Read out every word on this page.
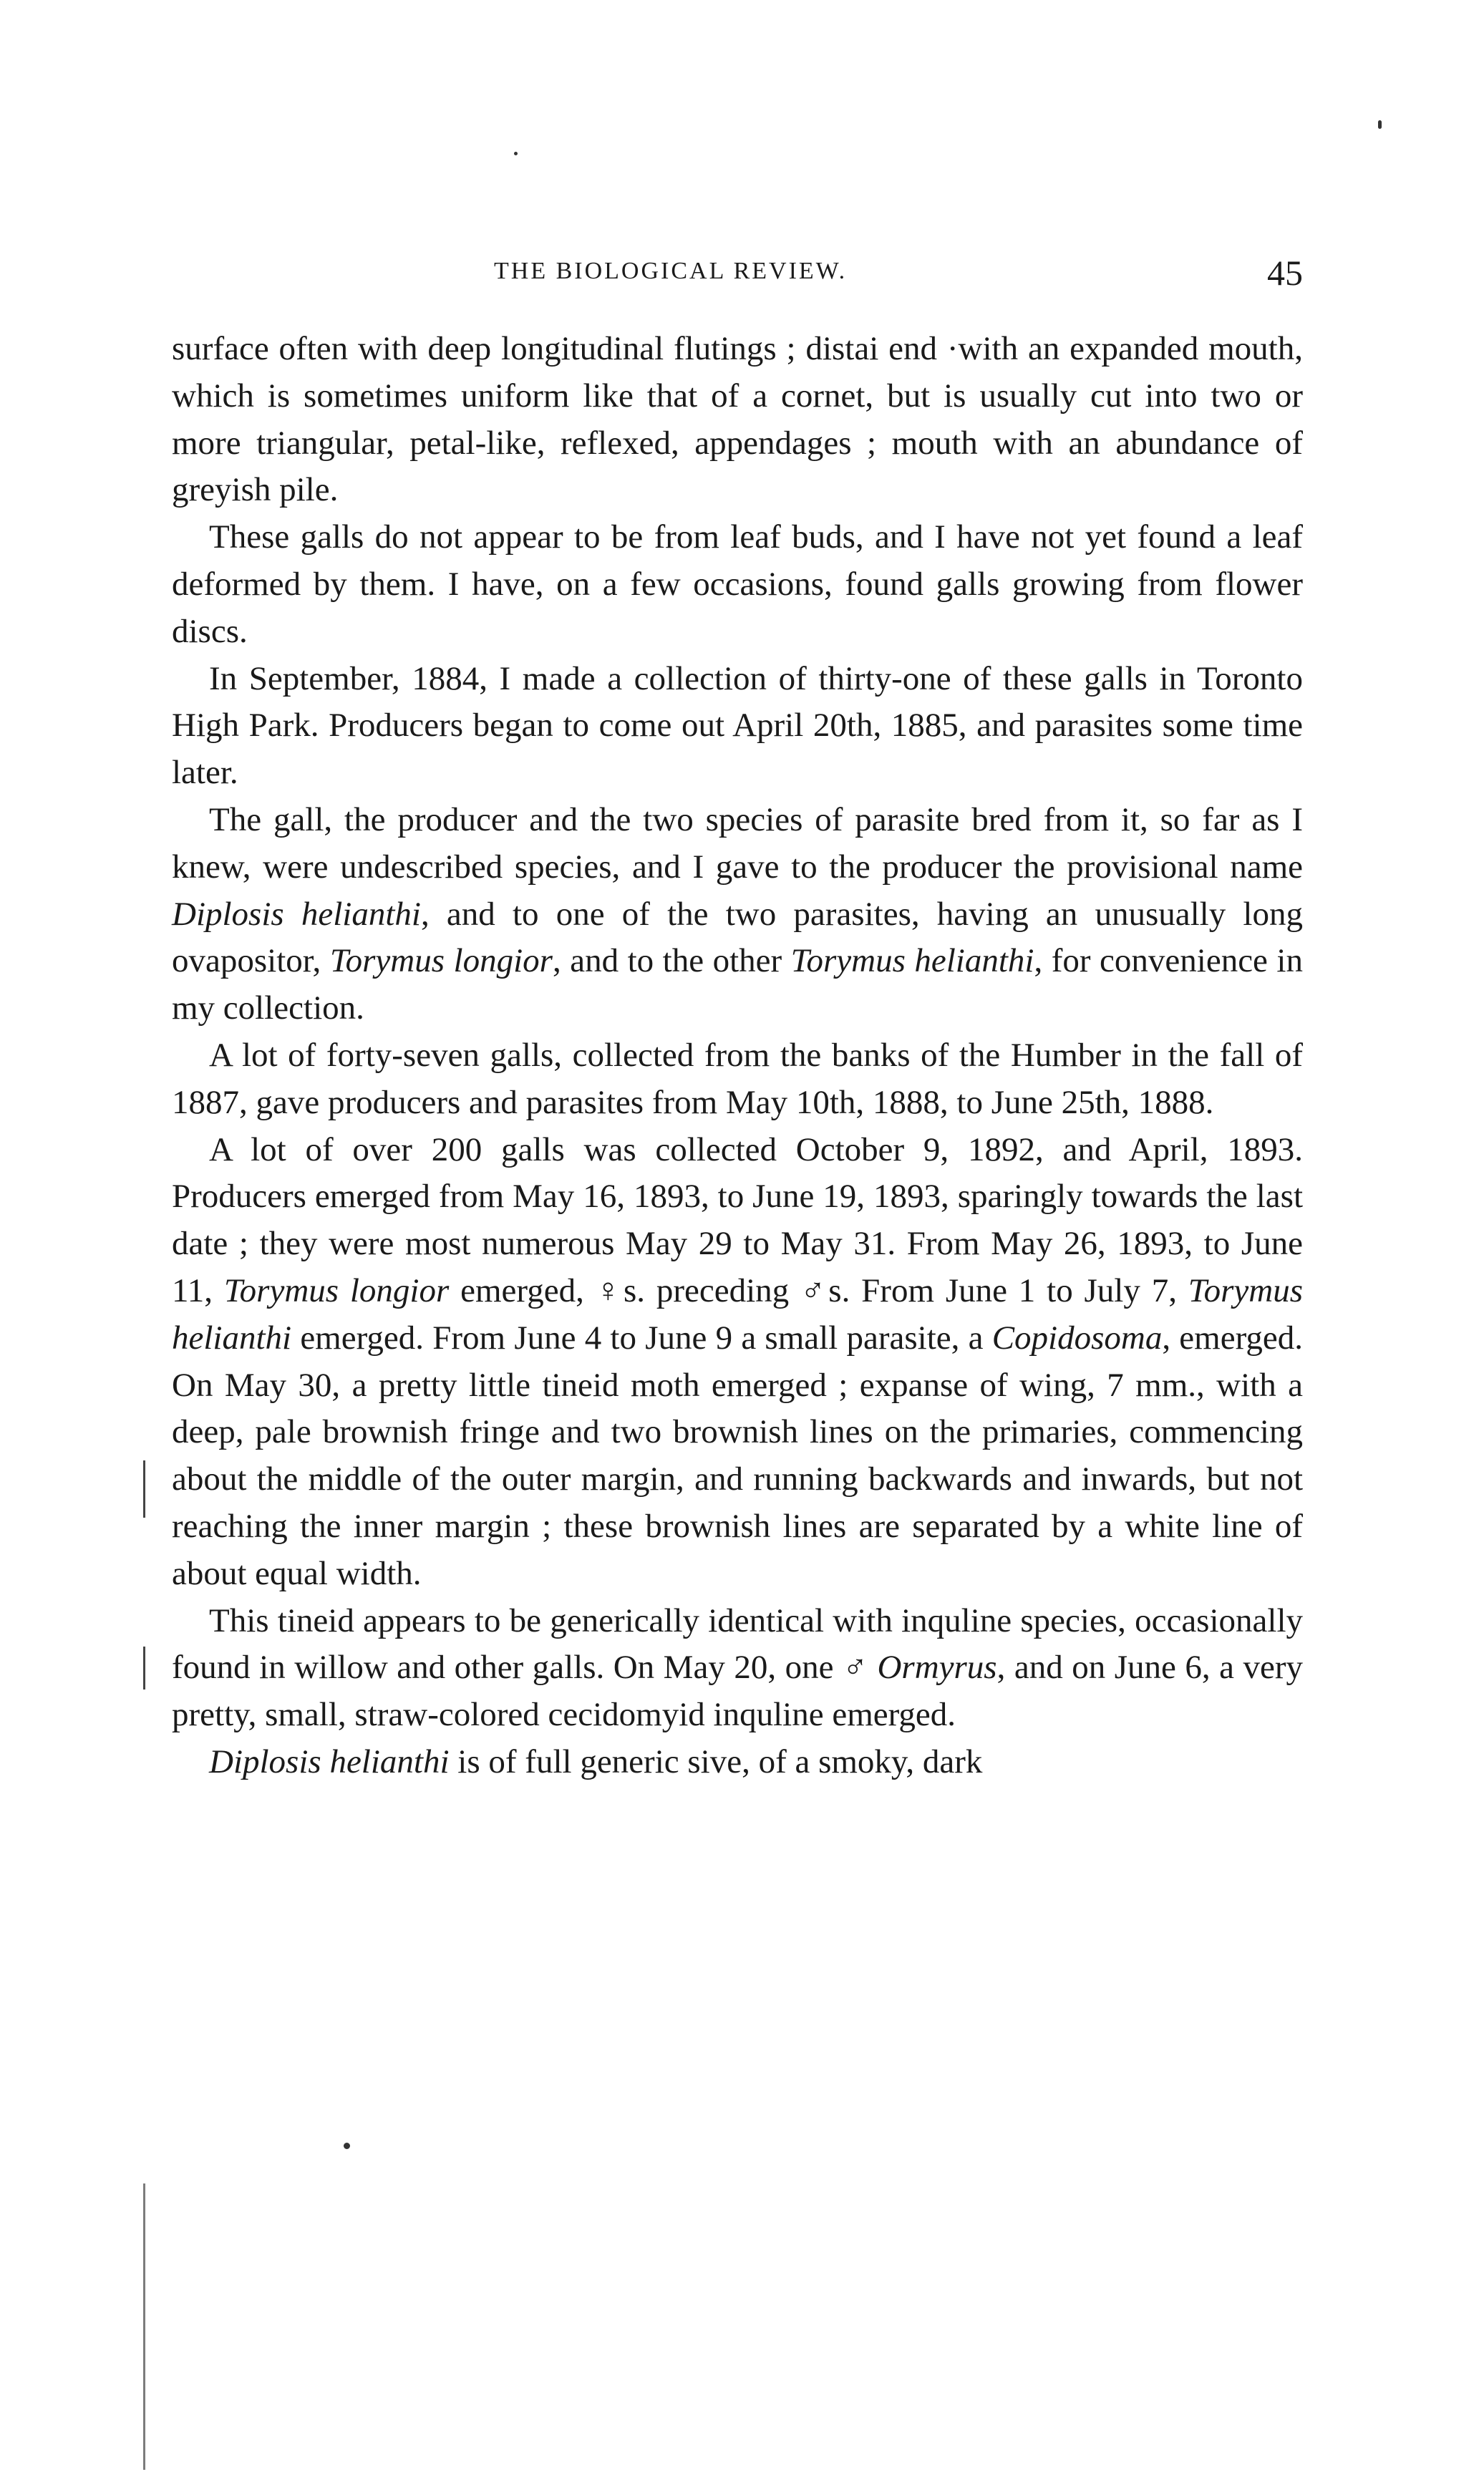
THE BIOLOGICAL REVIEW.	45

surface often with deep longitudinal flutings ; distai end ·with an expanded mouth, which is sometimes uniform like that of a cornet, but is usually cut into two or more triangular, petal-like, reflexed, appendages ; mouth with an abundance of greyish pile.

These galls do not appear to be from leaf buds, and I have not yet found a leaf deformed by them. I have, on a few occasions, found galls growing from flower discs.

In September, 1884, I made a collection of thirty-one of these galls in Toronto High Park. Producers began to come out April 20th, 1885, and parasites some time later.

The gall, the producer and the two species of parasite bred from it, so far as I knew, were undescribed species, and I gave to the producer the provisional name Diplosis helianthi, and to one of the two parasites, having an unusually long ovapositor, Torymus longior, and to the other Torymus helianthi, for convenience in my collection.

A lot of forty-seven galls, collected from the banks of the Humber in the fall of 1887, gave producers and parasites from May 10th, 1888, to June 25th, 1888.

A lot of over 200 galls was collected October 9, 1892, and April, 1893. Producers emerged from May 16, 1893, to June 19, 1893, sparingly towards the last date ; they were most numerous May 29 to May 31. From May 26, 1893, to June 11, Torymus longior emerged, ♀s. preceding ♂s. From June 1 to July 7, Torymus helianthi emerged. From June 4 to June 9 a small parasite, a Copidosoma, emerged. On May 30, a pretty little tineid moth emerged ; expanse of wing, 7 mm., with a deep, pale brownish fringe and two brownish lines on the primaries, commencing about the middle of the outer margin, and running backwards and inwards, but not reaching the inner margin ; these brownish lines are separated by a white line of about equal width.

This tineid appears to be generically identical with inquline species, occasionally found in willow and other galls. On May 20, one ♂ Ormyrus, and on June 6, a very pretty, small, straw-colored cecidomyid inquline emerged.

Diplosis helianthi is of full generic sive, of a smoky, dark
